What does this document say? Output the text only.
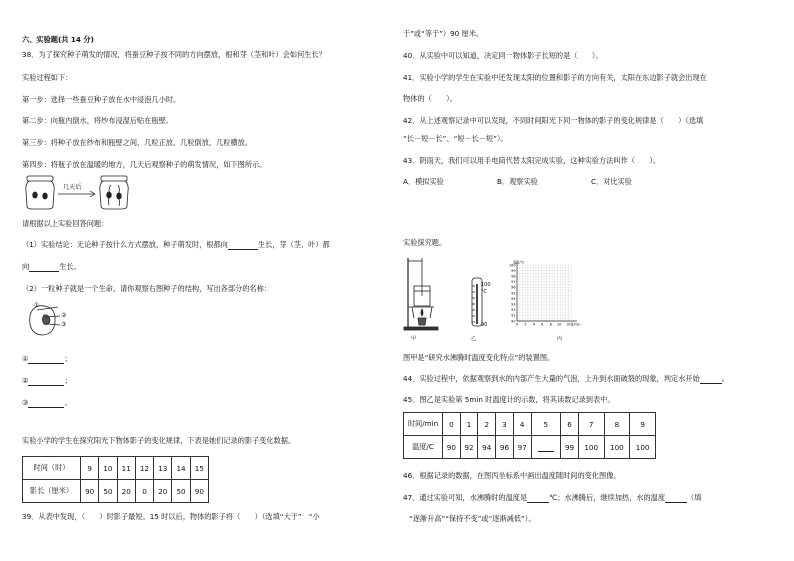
六、实验题(共 14 分)
38．为了探究种子萌发的情况，将蚕豆种子按不同的方向摆放，根和芽（茎和叶）会如何生长？
实验过程如下：
第一步：选择一些蚕豆种子放在水中浸泡几小时。
第二步：向瓶内倒水，将纱布浸湿后贴在瓶壁。
第三步：将种子放在纱布和瓶壁之间，几粒正放、几粒倒放、几粒横放。
第四步：将瓶子放在温暖的地方，几天后观察种子的萌发情况，如下图所示。
几天后
请根据以上实验回答问题：
（1）实验结论：无论种子按什么方式摆放，种子萌发时，根都向	生长，芽（茎、叶）都
向	生长。
（2）一粒种子就是一个生命，请你观察右图种子的结构，写出各部分的名称：
①
②
③
①	；
②	；
③	。
实验小学的学生在探究阳光下物体影子的变化规律，下表是她们记录的影子变化数据。
时间（时）	9	10	11	12	13	14	15
影长（厘米）	90	50	20	0	20	50	90
39．从表中发现，（　　）时影子最短。15 时以后，物体的影子将（　　）（选填“大于”　“小
于”或“等于”）90 厘米。
40．从实验中可以知道，决定同一物体影子长短的是（　　）。
41．实验小学的学生在实验中还发现太阳的位置和影子的方向有关，太阳在东边影子就会出现在
物体的（　　）。
42．从上述观察记录中可以发现，不同时间阳光下同一物体的影子的变化规律是（　　）（选填
“长－短－长”、“短－长－短”）。
43．阴雨天，我们可以用手电筒代替太阳完成实验，这种实验方法叫作（　　）。
A．模拟实验	B．观察实验	C．对比实验
实验探究题。
100
°C
90
100
99
98
97
96
95
94
93
92
91
90
0 2 4 6 8 10 时间/min
温度/°C
甲	乙	丙
图甲是“研究水沸腾时温度变化特点”的装置图。
44．实验过程中，依据观察到水的内部产生大量的气泡，上升到水面破裂的现象，判定水开始	。
45．图乙是实验第 5min 时温度计的示数，将其读数记录到表中。
时间/min	0	1	2	3	4	5	6	7	8	9
温度/C	90	92	94	96	97		99	100	100	100
46．根据记录的数据，在图丙坐标系中画出温度随时间的变化图像。
47．通过实验可知，水沸腾时的温度是	℃；水沸腾后，继续加热，水的温度	（填
“逐渐升高”“保持不变”或“逐渐减低”）。
